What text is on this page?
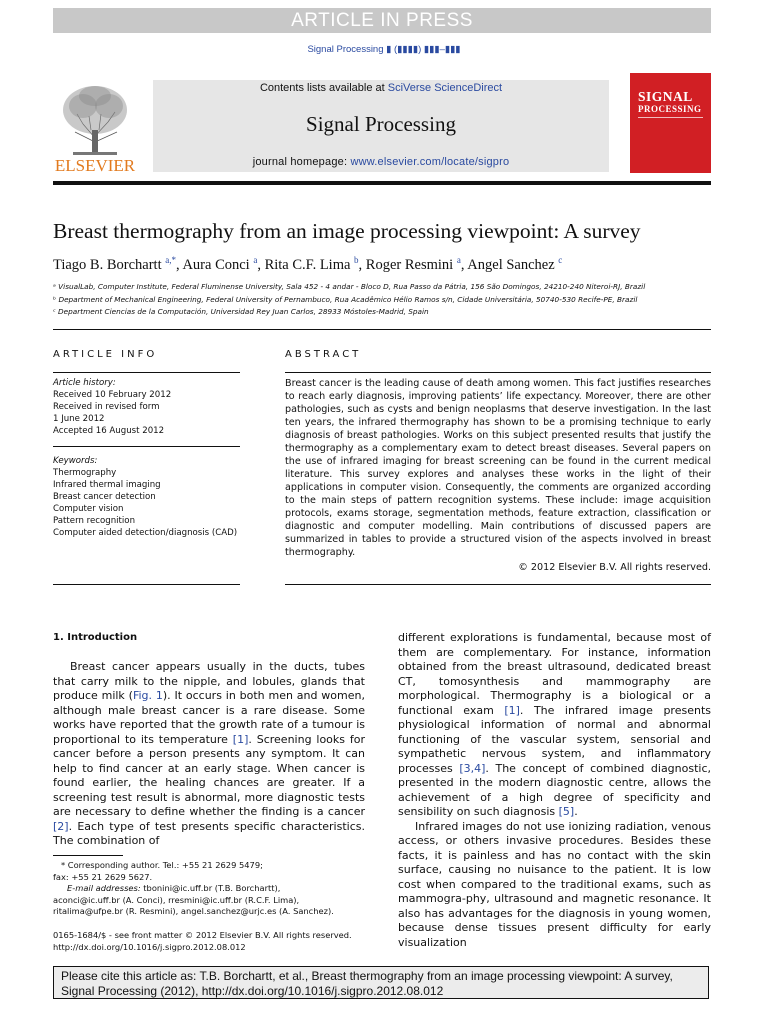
ARTICLE IN PRESS
Signal Processing ▮ (▮▮▮▮) ▮▮▮–▮▮▮
ELSEVIER
Contents lists available at SciVerse ScienceDirect
Signal Processing
journal homepage: www.elsevier.com/locate/sigpro
SIGNAL
PROCESSING
Breast thermography from an image processing viewpoint: A survey
Tiago B. Borchartt $^{a,*}$, Aura Conci $^a$, Rita C.F. Lima $^b$, Roger Resmini $^a$, Angel Sanchez $^c$
ᵃ VisualLab, Computer Institute, Federal Fluminense University, Sala 452 - 4 andar - Bloco D, Rua Passo da Pátria, 156 São Domingos, 24210-240 Niteroi-RJ, Brazil
ᵇ Department of Mechanical Engineering, Federal University of Pernambuco, Rua Acadêmico Hélio Ramos s/n, Cidade Universitária, 50740-530 Recife-PE, Brazil
ᶜ Department Ciencias de la Computación, Universidad Rey Juan Carlos, 28933 Móstoles-Madrid, Spain
ARTICLE INFO
Article history:
Received 10 February 2012
Received in revised form
1 June 2012
Accepted 16 August 2012
Keywords:
Thermography
Infrared thermal imaging
Breast cancer detection
Computer vision
Pattern recognition
Computer aided detection/diagnosis (CAD)
ABSTRACT
Breast cancer is the leading cause of death among women. This fact justifies researches to reach early diagnosis, improving patients’ life expectancy. Moreover, there are other pathologies, such as cysts and benign neoplasms that deserve investigation. In the last ten years, the infrared thermography has shown to be a promising technique to early diagnosis of breast pathologies. Works on this subject presented results that justify the thermography as a complementary exam to detect breast diseases. Several papers on the use of infrared imaging for breast screening can be found in the current medical literature. This survey explores and analyses these works in the light of their applications in computer vision. Consequently, the comments are organized according to the main steps of pattern recognition systems. These include: image acquisition protocols, exams storage, segmentation methods, feature extraction, classification or diagnostic and computer modelling. Main contributions of discussed papers are summarized in tables to provide a structured vision of the aspects involved in breast thermography.
© 2012 Elsevier B.V. All rights reserved.
1. Introduction

Breast cancer appears usually in the ducts, tubes that carry milk to the nipple, and lobules, glands that produce milk (Fig. 1). It occurs in both men and women, although male breast cancer is a rare disease. Some works have reported that the growth rate of a tumour is proportional to its temperature [1]. Screening looks for cancer before a person presents any symptom. It can help to find cancer at an early stage. When cancer is found earlier, the healing chances are greater. If a screening test result is abnormal, more diagnostic tests are necessary to define whether the finding is a cancer [2]. Each type of test presents specific characteristics. The combination of

different explorations is fundamental, because most of them are complementary. For instance, information obtained from the breast ultrasound, dedicated breast CT, tomosynthesis and mammography are morphological. Thermography is a biological or a functional exam [1]. The infrared image presents physiological information of normal and abnormal functioning of the vascular system, sensorial and sympathetic nervous system, and inflammatory processes [3,4]. The concept of combined diagnostic, presented in the modern diagnostic centre, allows the achievement of a high degree of specificity and sensibility on such diagnosis [5].

Infrared images do not use ionizing radiation, venous access, or others invasive procedures. Besides these facts, it is painless and has no contact with the skin surface, causing no nuisance to the patient. It is low cost when compared to the traditional exams, such as mammogra-phy, ultrasound and magnetic resonance. It also has advantages for the diagnosis in young women, because dense tissues present difficulty for early visualization

* Corresponding author. Tel.: +55 21 2629 5479;
fax: +55 21 2629 5627.
E-mail addresses: tbonini@ic.uff.br (T.B. Borchartt),
aconci@ic.uff.br (A. Conci), rresmini@ic.uff.br (R.C.F. Lima),
ritalima@ufpe.br (R. Resmini), angel.sanchez@urjc.es (A. Sanchez).
0165-1684/$ - see front matter © 2012 Elsevier B.V. All rights reserved.
http://dx.doi.org/10.1016/j.sigpro.2012.08.012
Please cite this article as: T.B. Borchartt, et al., Breast thermography from an image processing viewpoint: A survey,
Signal Processing (2012), http://dx.doi.org/10.1016/j.sigpro.2012.08.012
